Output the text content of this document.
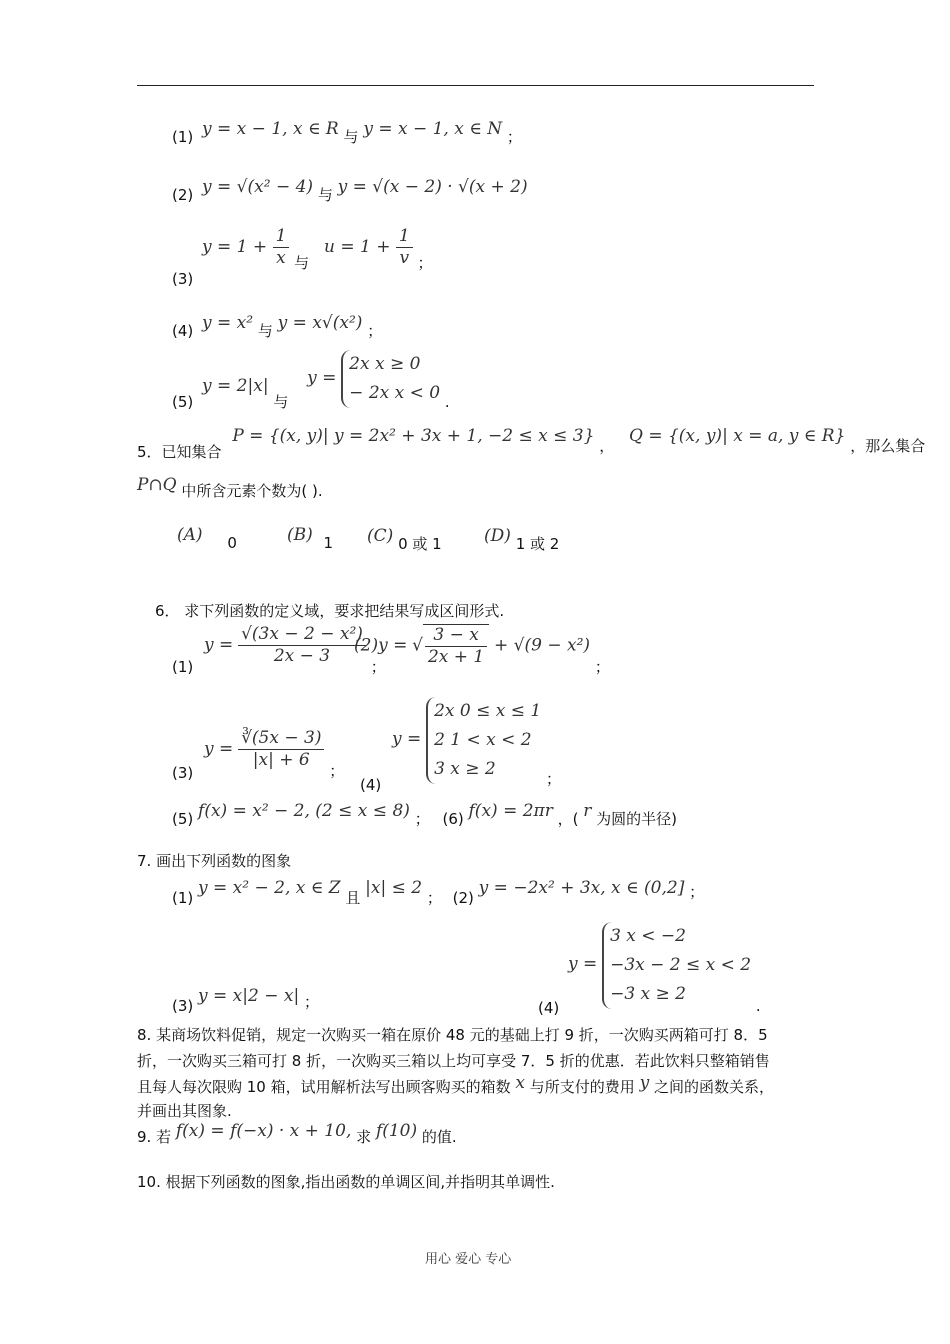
(1) y = x − 1, x ∈ R 与 y = x − 1, x ∈ N ；
(2) y = √(x² − 4) 与 y = √(x − 2) · √(x + 2)
(3) $y = 1 + \frac{1}{x}$ 与 $u = 1 + \frac{1}{v}$ ；
(4) y = x² 与 y = x√(x²) ；
(5) y = 2|x| 与 y =
2x x ≥ 0
− 2x x < 0 .
5．已知集合 P = {(x, y)| y = 2x² + 3x + 1, −2 ≤ x ≤ 3} ， Q = {(x, y)| x = a, y ∈ R} ，那么集合
P∩Q 中所含元素个数为( ).
(A) 0	(B) 1 (C) 0 或 1 (D) 1 或 2
6． 求下列函数的定义域，要求把结果写成区间形式.
(1) $y = \frac{\text{√(3x − 2 − x²)}}{2x - 3}$ ；
(2)y = √ $\frac{3 - x}{2x + 1} + √(9 - x^2)$ ；
(3) $y = \frac{∛(5x - 3)}{|x| + 6}$ ；
(4) y =
2x 0 ≤ x ≤ 1
2 1 < x < 2
3 x ≥ 2
；
(5) f(x) = x² − 2, (2 ≤ x ≤ 8) ； (6) f(x) = 2πr ，( r 为圆的半径)
7. 画出下列函数的图象
(1) y = x² − 2, x ∈ Z 且 |x| ≤ 2 ； (2) y = −2x² + 3x, x ∈ (0,2] ；
(3) y = x|2 − x| ；	(4) y =
3 x < −2
−3x − 2 ≤ x < 2
−3 x ≥ 2
.
8. 某商场饮料促销，规定一次购买一箱在原价 48 元的基础上打 9 折，一次购买两箱可打 8．5
折，一次购买三箱可打 8 折，一次购买三箱以上均可享受 7．5 折的优惠．若此饮料只整箱销售
且每人每次限购 10 箱，试用解析法写出顾客购买的箱数 x 与所支付的费用 y 之间的函数关系，
并画出其图象.
9. 若 f(x) = f(−x) · x + 10, 求 f(10) 的值.
10. 根据下列函数的图象,指出函数的单调区间,并指明其单调性.
用心 爱心 专心
